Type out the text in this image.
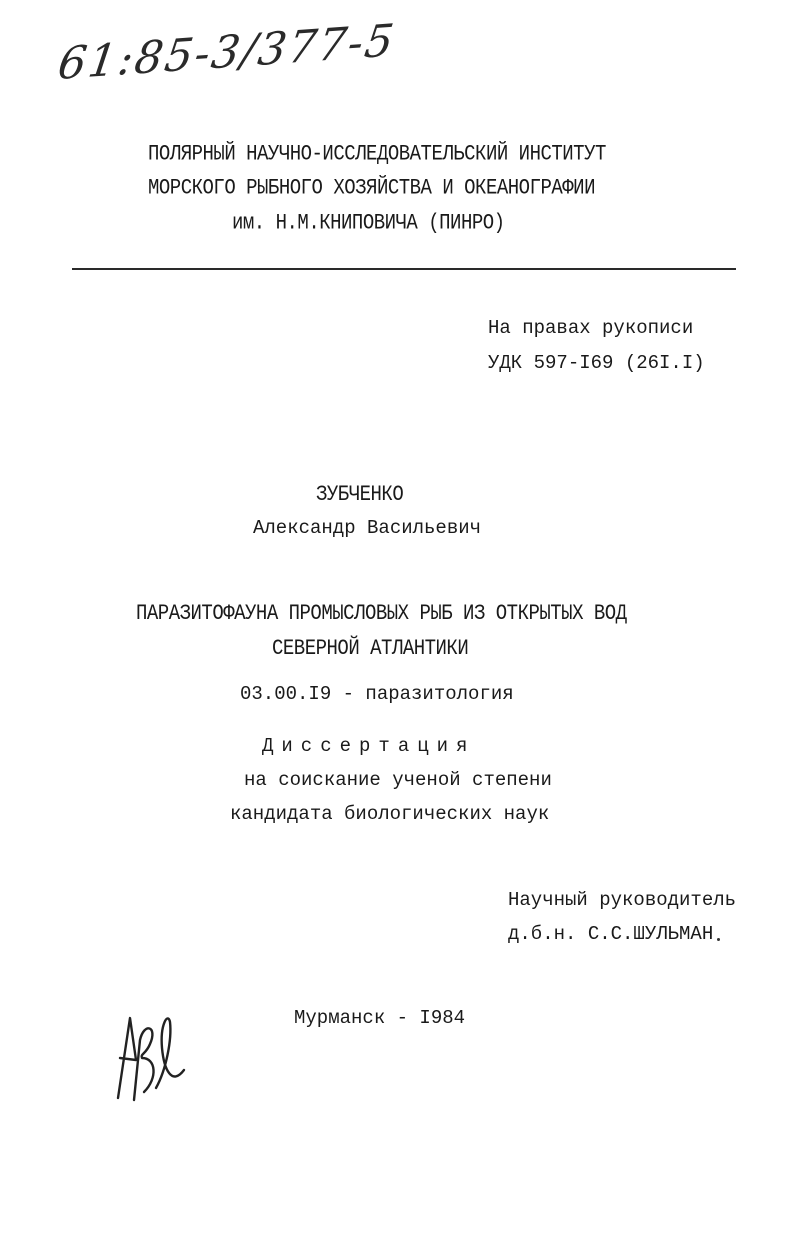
61:85-3/377-5
ПОЛЯРНЫЙ НАУЧНО-ИССЛЕДОВАТЕЛЬСКИЙ ИНСТИТУТ
МОРСКОГО РЫБНОГО ХОЗЯЙСТВА И ОКЕАНОГРАФИИ
им. Н.М.КНИПОВИЧА (ПИНРО)
На правах рукописи
УДК 597-I69 (26I.I)
ЗУБЧЕНКО
Александр Васильевич
ПАРАЗИТОФАУНА ПРОМЫСЛОВЫХ РЫБ ИЗ ОТКРЫТЫХ ВОД
СЕВЕРНОЙ АТЛАНТИКИ
03.00.I9 - паразитология
Диссертация
на соискание ученой степени
кандидата биологических наук
Научный руководитель
д.б.н. С.С.ШУЛЬМАН
Мурманск - I984
